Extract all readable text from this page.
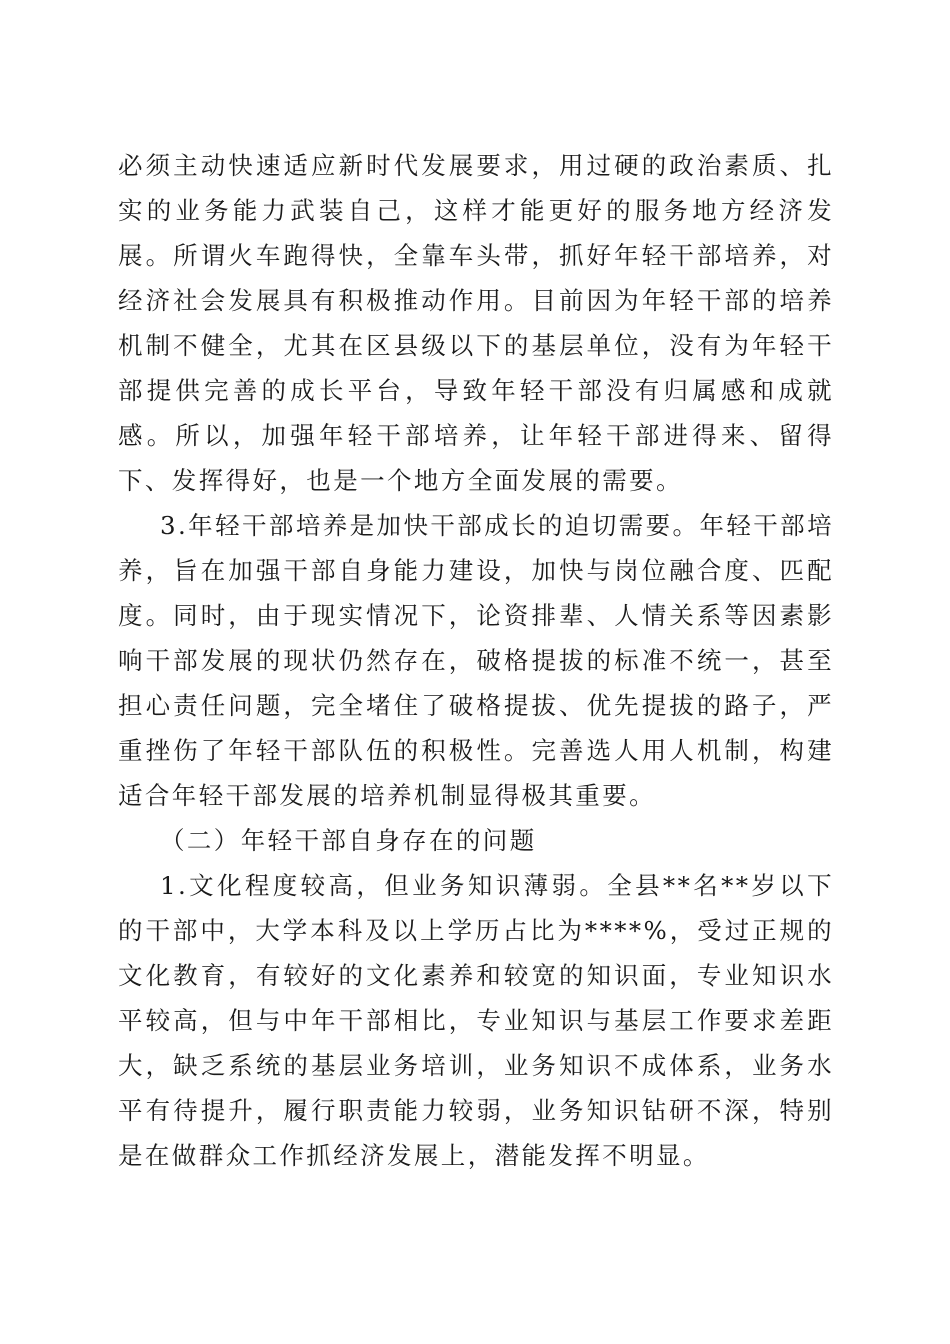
必须主动快速适应新时代发展要求，用过硬的政治素质、扎实的业务能力武装自己，这样才能更好的服务地方经济发展。所谓火车跑得快，全靠车头带，抓好年轻干部培养，对经济社会发展具有积极推动作用。目前因为年轻干部的培养机制不健全，尤其在区县级以下的基层单位，没有为年轻干部提供完善的成长平台，导致年轻干部没有归属感和成就感。所以，加强年轻干部培养，让年轻干部进得来、留得下、发挥得好，也是一个地方全面发展的需要。

3.年轻干部培养是加快干部成长的迫切需要。年轻干部培养，旨在加强干部自身能力建设，加快与岗位融合度、匹配度。同时，由于现实情况下，论资排辈、人情关系等因素影响干部发展的现状仍然存在，破格提拔的标准不统一，甚至担心责任问题，完全堵住了破格提拔、优先提拔的路子，严重挫伤了年轻干部队伍的积极性。完善选人用人机制，构建适合年轻干部发展的培养机制显得极其重要。

（二）年轻干部自身存在的问题

1.文化程度较高，但业务知识薄弱。全县**名**岁以下的干部中，大学本科及以上学历占比为****%，受过正规的文化教育，有较好的文化素养和较宽的知识面，专业知识水平较高，但与中年干部相比，专业知识与基层工作要求差距大，缺乏系统的基层业务培训，业务知识不成体系，业务水平有待提升，履行职责能力较弱，业务知识钻研不深，特别是在做群众工作抓经济发展上，潜能发挥不明显。
